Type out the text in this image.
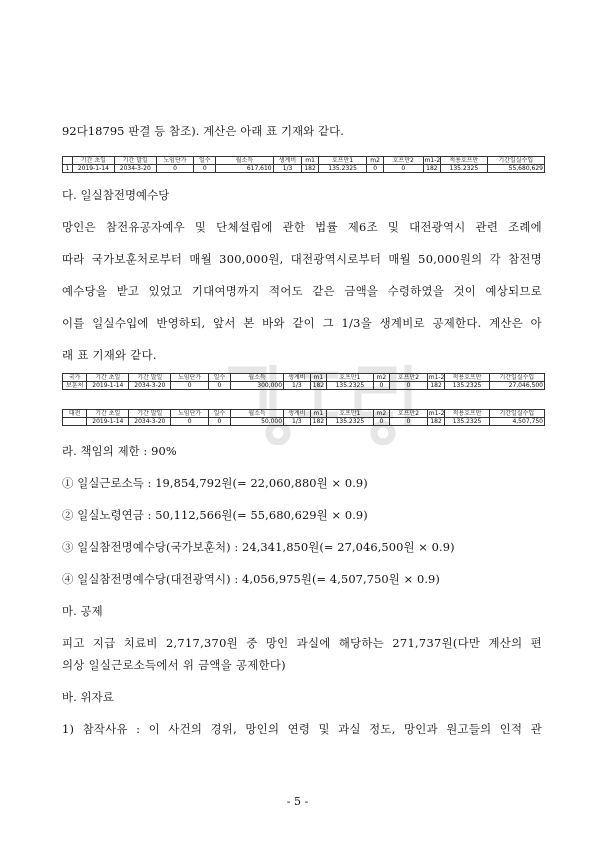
92다18795 판결 등 참조). 계산은 아래 표 기재와 같다.
	기간 초일	기간 말일	노임단가	일수	월소득	생계비	m1	호프만1	m2	호프만2	m1-2	적용호프만	기간일실수입
1	2019-1-14	2034-3-20	0	0	617,610	1/3	182	135.2325	0	0	182	135.2325	55,680,629
다. 일실참전명예수당
망인은 참전유공자예우 및 단체설립에 관한 법률 제6조 및 대전광역시 관련 조례에
따라 국가보훈처로부터 매월 300,000원, 대전광역시로부터 매월 50,000원의 각 참전명
예수당을 받고 있었고 기대여명까지 적어도 같은 금액을 수령하였을 것이 예상되므로
이를 일실수입에 반영하되, 앞서 본 바와 같이 그 1/3을 생계비로 공제한다. 계산은 아
래 표 기재와 같다.
국가	기간 초일	기간 말일	노임단가	일수	월소득	생계비	m1	호프만1	m2	호프만2	m1-2	적용호프만	기간일실수입
보훈처	2019-1-14	2034-3-20	0	0	300,000	1/3	182	135.2325	0	0	182	135.2325	27,046,500
대전	기간 초일	기간 말일	노임단가	일수	월소득	생계비	m1	호프만1	m2	호프만2	m1-2	적용호프만	기간일실수입
	2019-1-14	2034-3-20	0	0	50,000	1/3	182	135.2325	0	0	182	135.2325	4,507,750
라. 책임의 제한 : 90%
① 일실근로소득 : 19,854,792원(= 22,060,880원 × 0.9)
② 일실노령연금 : 50,112,566원(= 55,680,629원 × 0.9)
③ 일실참전명예수당(국가보훈처) : 24,341,850원(= 27,046,500원 × 0.9)
④ 일실참전명예수당(대전광역시) : 4,056,975원(= 4,507,750원 × 0.9)
마. 공제
피고 지급 치료비 2,717,370원 중 망인 과실에 해당하는 271,737원(다만 계산의 편
의상 일실근로소득에서 위 금액을 공제한다)
바. 위자료
1) 참작사유 : 이 사건의 경위, 망인의 연령 및 과실 정도, 망인과 원고들의 인적 관
- 5 -
